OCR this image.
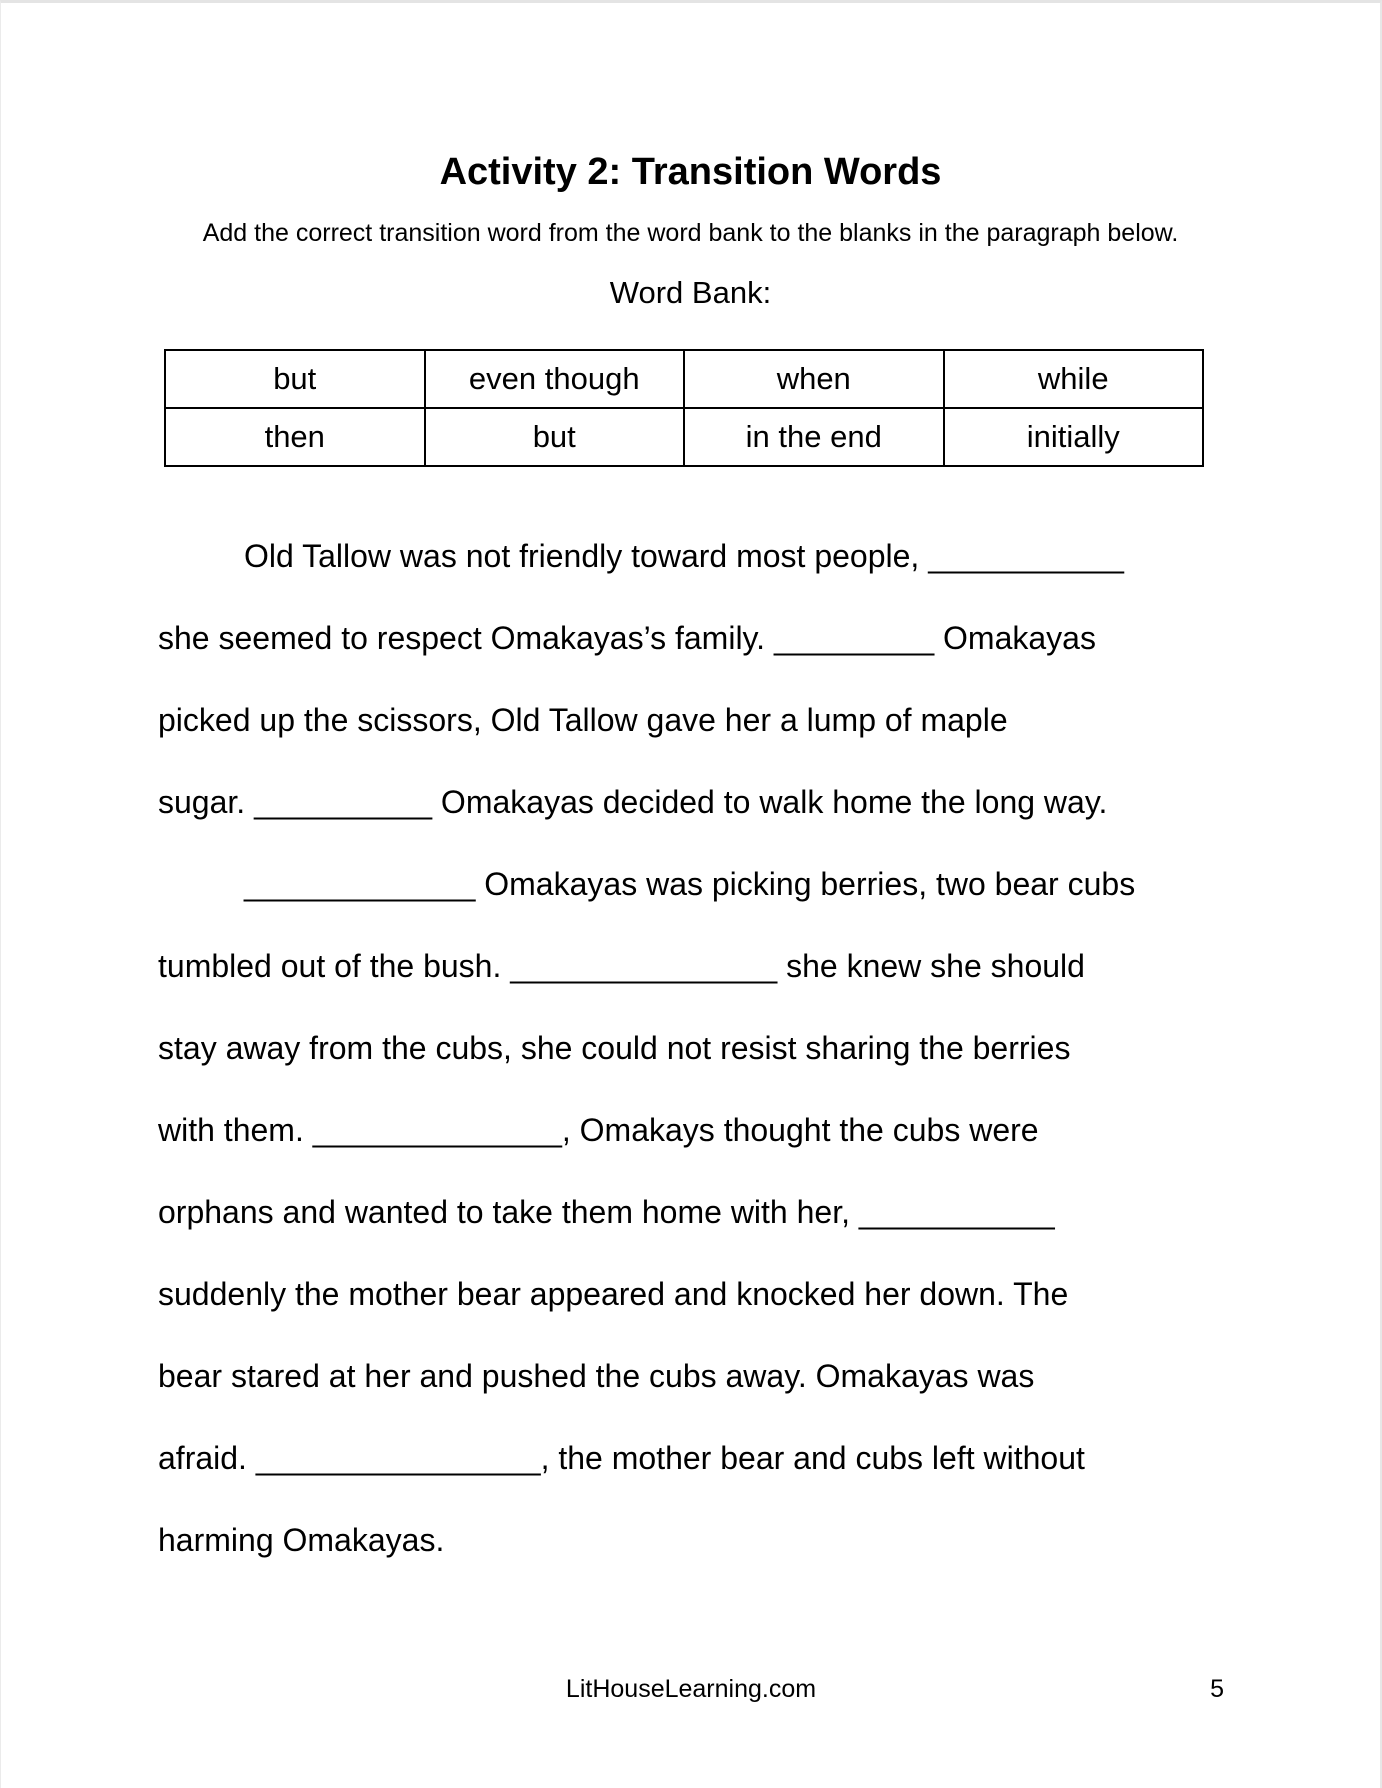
Activity 2: Transition Words
Add the correct transition word from the word bank to the blanks in the paragraph below.
Word Bank:
but	even though	when	while
then	but	in the end	initially
Old Tallow was not friendly toward most people, ___________
she seemed to respect Omakayas’s family. _________ Omakayas
picked up the scissors, Old Tallow gave her a lump of maple
sugar. __________ Omakayas decided to walk home the long way.
_____________ Omakayas was picking berries, two bear cubs
tumbled out of the bush. _______________ she knew she should
stay away from the cubs, she could not resist sharing the berries
with them. ______________, Omakays thought the cubs were
orphans and wanted to take them home with her, ___________
suddenly the mother bear appeared and knocked her down. The
bear stared at her and pushed the cubs away. Omakayas was
afraid. ________________, the mother bear and cubs left without
harming Omakayas.
LitHouseLearning.com	5
